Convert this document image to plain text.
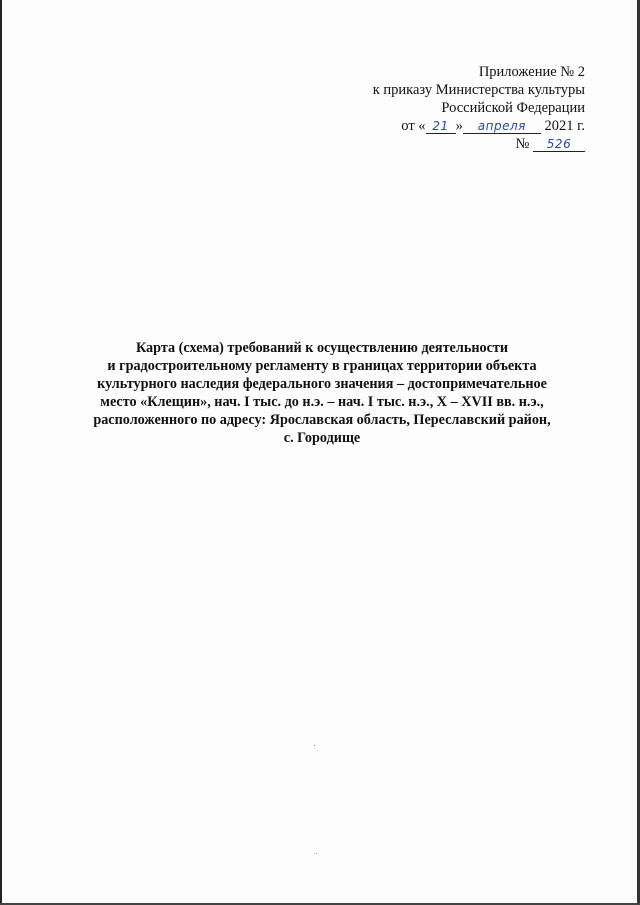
Приложение № 2
к приказу Министерства культуры
Российской Федерации
от « 21 » апреля 2021 г.
№ 526
Карта (схема) требований к осуществлению деятельности
и градостроительному регламенту в границах территории объекта
культурного наследия федерального значения – достопримечательное
место «Клещин», нач. I тыс. до н.э. – нач. I тыс. н.э., X – XVII вв. н.э.,
расположенного по адресу: Ярославская область, Переславский район,
с. Городище
